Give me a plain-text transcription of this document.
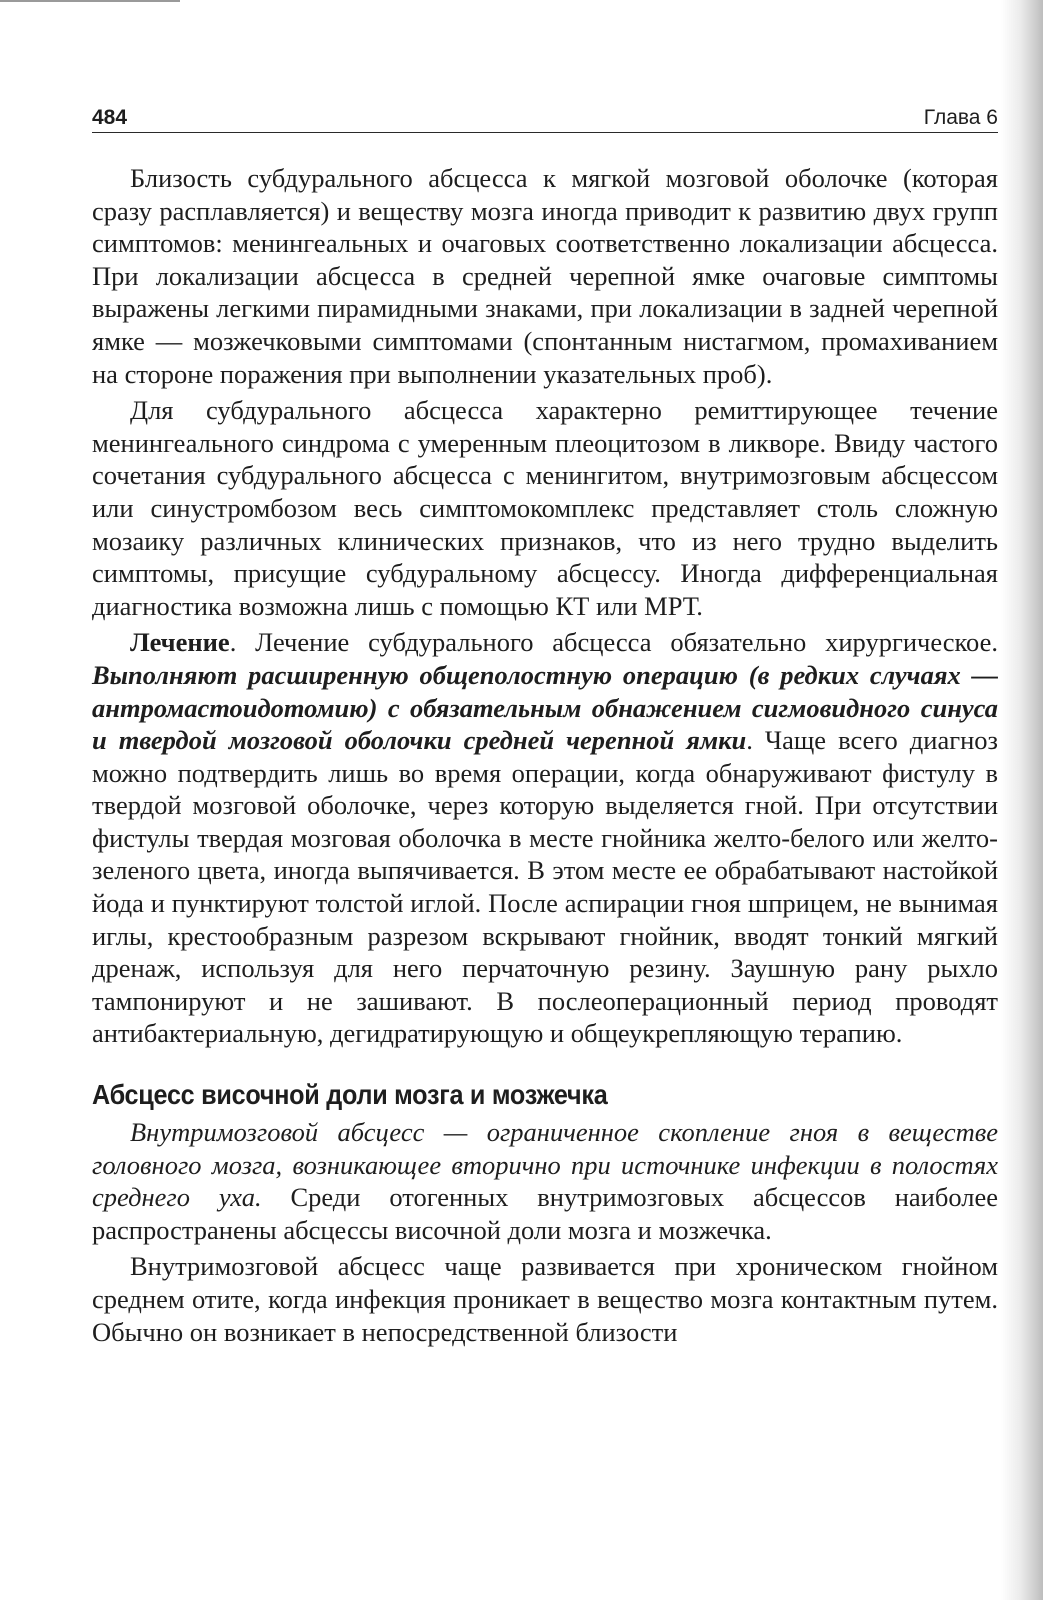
484	Глава 6

Близость субдурального абсцесса к мягкой мозговой оболочке (которая сразу расплавляется) и веществу мозга иногда приводит к развитию двух групп симптомов: менингеальных и очаговых соответственно локализации абсцесса. При локализации абсцесса в средней черепной ямке очаговые симптомы выражены легкими пирамидными знаками, при локализации в задней черепной ямке — мозжечковыми симптомами (спонтанным нистагмом, промахиванием на стороне поражения при выполнении указательных проб).

Для субдурального абсцесса характерно ремиттирующее течение менингеального синдрома с умеренным плеоцитозом в ликворе. Ввиду частого сочетания субдурального абсцесса с менингитом, внутримозговым абсцессом или синустромбозом весь симптомокомплекс представляет столь сложную мозаику различных клинических признаков, что из него трудно выделить симптомы, присущие субдуральному абсцессу. Иногда дифференциальная диагностика возможна лишь с помощью КТ или МРТ.

Лечение. Лечение субдурального абсцесса обязательно хирургическое. Выполняют расширенную общеполостную операцию (в редких случаях — антромастоидотомию) с обязательным обнажением сигмовидного синуса и твердой мозговой оболочки средней черепной ямки. Чаще всего диагноз можно подтвердить лишь во время операции, когда обнаруживают фистулу в твердой мозговой оболочке, через которую выделяется гной. При отсутствии фистулы твердая мозговая оболочка в месте гнойника желто-белого или желто-зеленого цвета, иногда выпячивается. В этом месте ее обрабатывают настойкой йода и пунктируют толстой иглой. После аспирации гноя шприцем, не вынимая иглы, крестообразным разрезом вскрывают гнойник, вводят тонкий мягкий дренаж, используя для него перчаточную резину. Заушную рану рыхло тампонируют и не зашивают. В послеоперационный период проводят антибактериальную, дегидратирующую и общеукрепляющую терапию.

Абсцесс височной доли мозга и мозжечка

Внутримозговой абсцесс — ограниченное скопление гноя в веществе головного мозга, возникающее вторично при источнике инфекции в полостях среднего уха. Среди отогенных внутримозговых абсцессов наиболее распространены абсцессы височной доли мозга и мозжечка.

Внутримозговой абсцесс чаще развивается при хроническом гнойном среднем отите, когда инфекция проникает в вещество мозга контактным путем. Обычно он возникает в непосредственной близости
